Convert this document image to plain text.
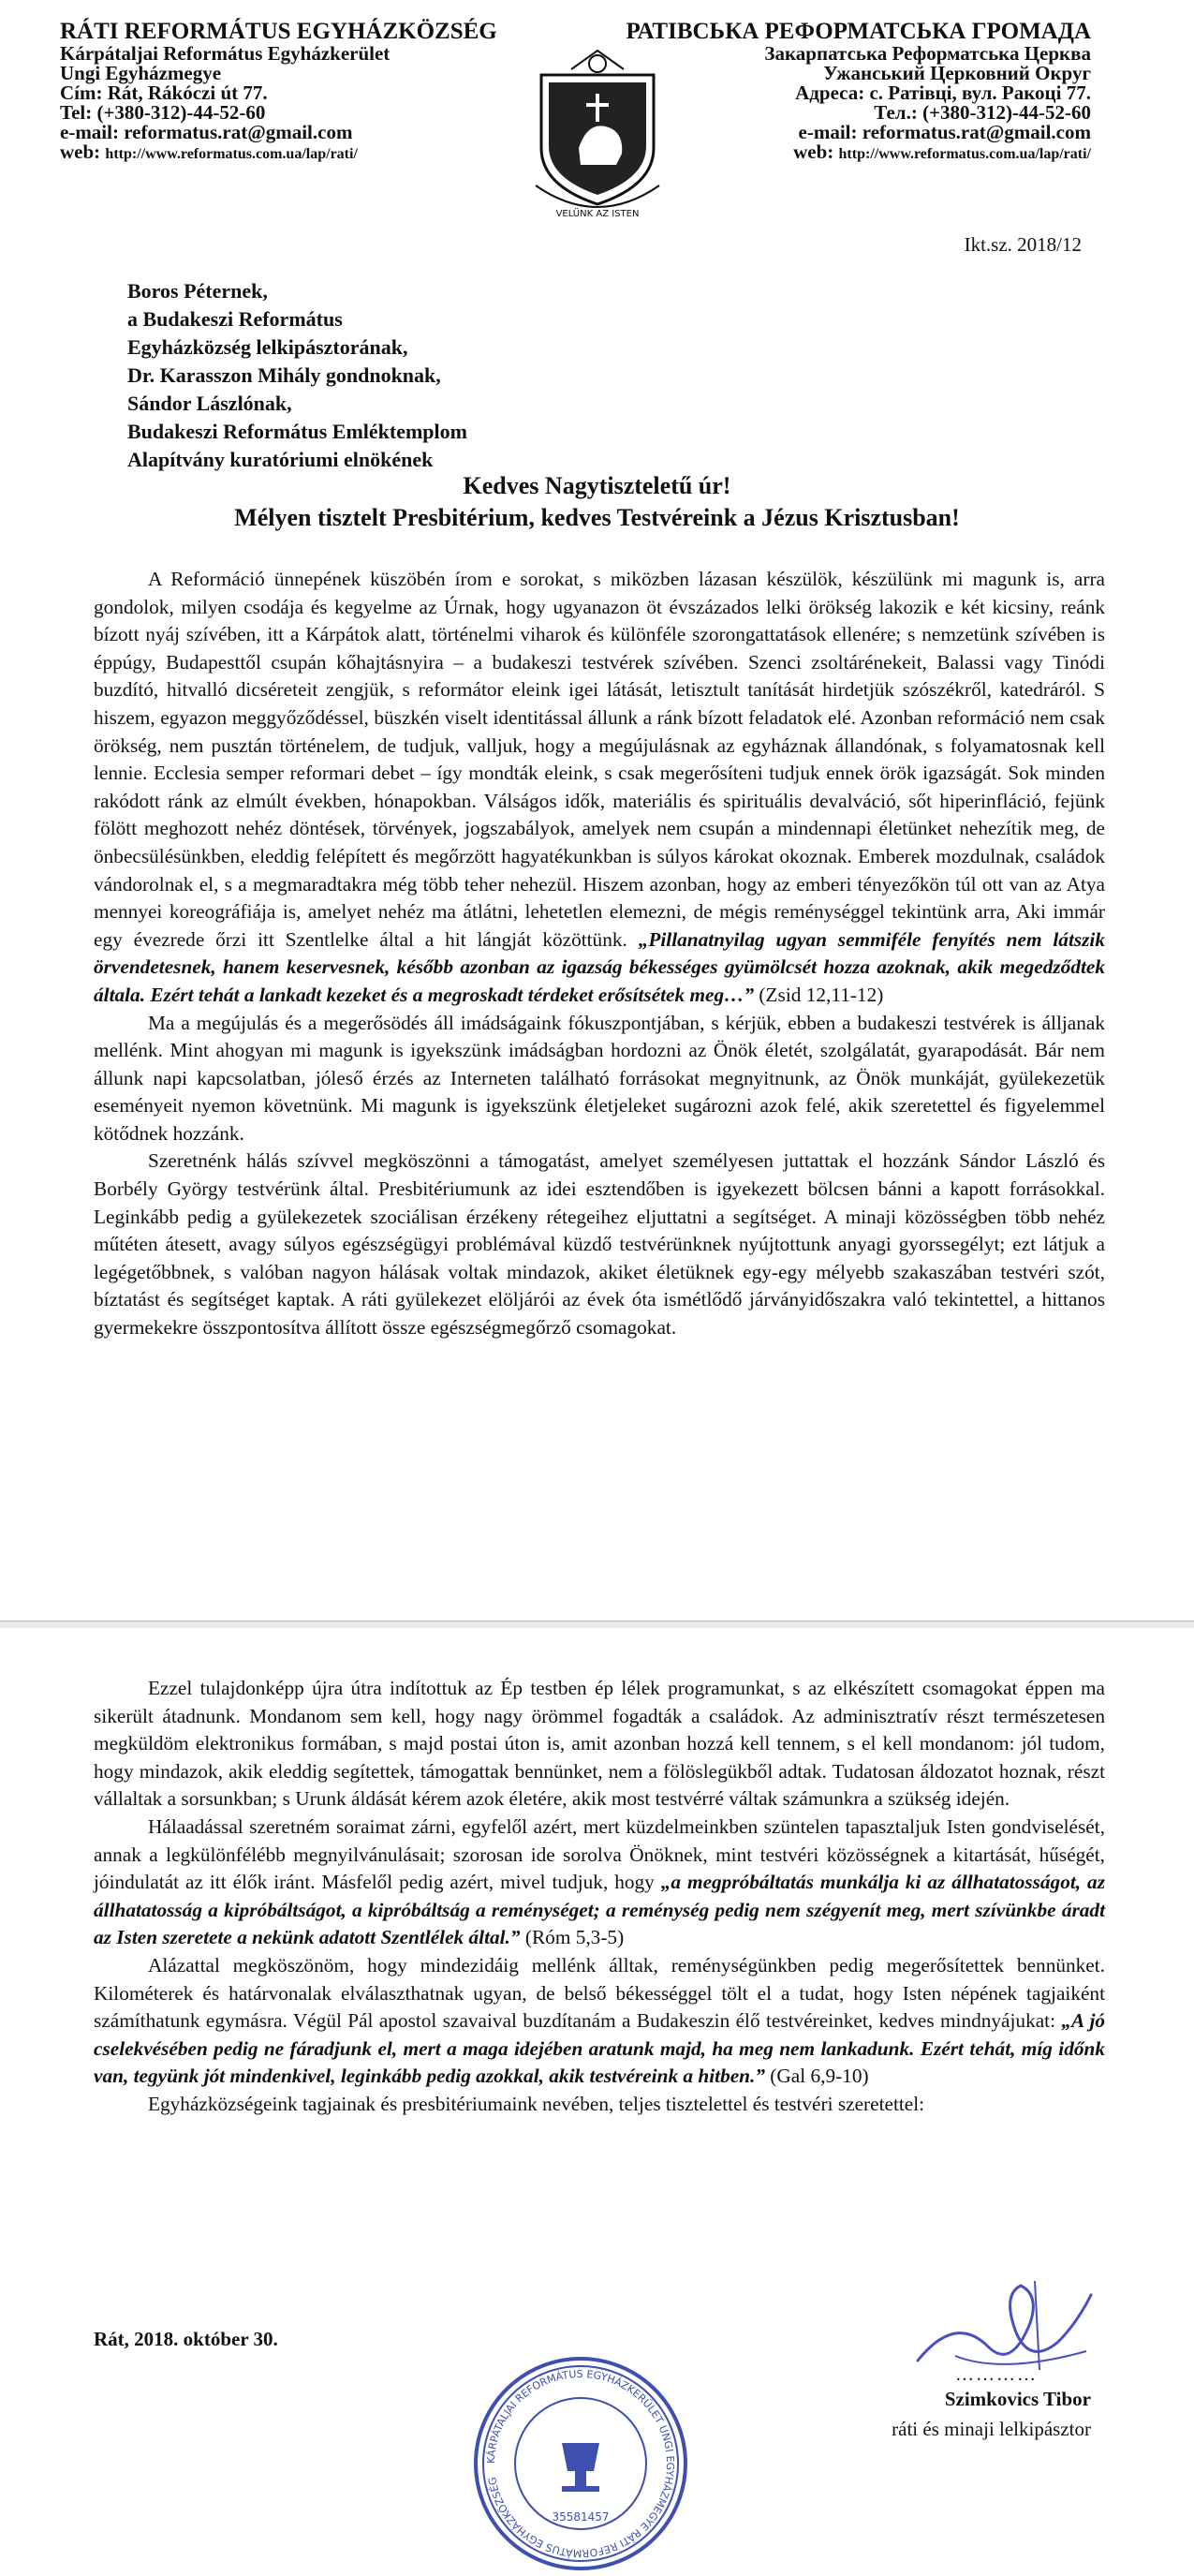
RÁTI REFORMÁTUS EGYHÁZKÖZSÉG
Kárpátaljai Református Egyházkerület
Ungi Egyházmegye
Cím: Rát, Rákóczi út 77.
Tel: (+380-312)-44-52-60
e-mail: reformatus.rat@gmail.com
web: http://www.reformatus.com.ua/lap/rati/
VELÜNK AZ ISTEN
РАТІВСЬКА РЕФОРМАТСЬКА ГРОМАДА
Закарпатська Реформатська Церква
Ужанський Церковний Округ
Адреса: с. Ратівці, вул. Ракоці 77.
Тел.: (+380-312)-44-52-60
e-mail: reformatus.rat@gmail.com
web: http://www.reformatus.com.ua/lap/rati/
Ikt.sz. 2018/12
Boros Péternek,
a Budakeszi Református
Egyházközség lelkipásztorának,
Dr. Karasszon Mihály gondnoknak,
Sándor Lászlónak,
Budakeszi Református Emléktemplom
Alapítvány kuratóriumi elnökének
Kedves Nagytiszteletű úr!
Mélyen tisztelt Presbitérium, kedves Testvéreink a Jézus Krisztusban!

A Reformáció ünnepének küszöbén írom e sorokat, s miközben lázasan készülök, készülünk mi magunk is, arra gondolok, milyen csodája és kegyelme az Úrnak, hogy ugyanazon öt évszázados lelki örökség lakozik e két kicsiny, reánk bízott nyáj szívében, itt a Kárpátok alatt, történelmi viharok és különféle szorongattatások ellenére; s nemzetünk szívében is éppúgy, Budapesttől csupán kőhajtásnyira – a budakeszi testvérek szívében. Szenci zsoltárénekeit, Balassi vagy Tinódi buzdító, hitvalló dicséreteit zengjük, s reformátor eleink igei látását, letisztult tanítását hirdetjük szószékről, katedráról. S hiszem, egyazon meggyőződéssel, büszkén viselt identitással állunk a ránk bízott feladatok elé. Azonban reformáció nem csak örökség, nem pusztán történelem, de tudjuk, valljuk, hogy a megújulásnak az egyháznak állandónak, s folyamatosnak kell lennie. Ecclesia semper reformari debet – így mondták eleink, s csak megerősíteni tudjuk ennek örök igazságát. Sok minden rakódott ránk az elmúlt években, hónapokban. Válságos idők, materiális és spirituális devalváció, sőt hiperinfláció, fejünk fölött meghozott nehéz döntések, törvények, jogszabályok, amelyek nem csupán a mindennapi életünket nehezítik meg, de önbecsülésünkben, eleddig felépített és megőrzött hagyatékunkban is súlyos károkat okoznak. Emberek mozdulnak, családok vándorolnak el, s a megmaradtakra még több teher nehezül. Hiszem azonban, hogy az emberi tényezőkön túl ott van az Atya mennyei koreográfiája is, amelyet nehéz ma átlátni, lehetetlen elemezni, de mégis reménységgel tekintünk arra, Aki immár egy évezrede őrzi itt Szentlelke által a hit lángját közöttünk. „Pillanatnyilag ugyan semmiféle fenyítés nem látszik örvendetesnek, hanem keservesnek, később azonban az igazság békességes gyümölcsét hozza azoknak, akik megedződtek általa. Ezért tehát a lankadt kezeket és a megroskadt térdeket erősítsétek meg…” (Zsid 12,11-12)

Ma a megújulás és a megerősödés áll imádságaink fókuszpontjában, s kérjük, ebben a budakeszi testvérek is álljanak mellénk. Mint ahogyan mi magunk is igyekszünk imádságban hordozni az Önök életét, szolgálatát, gyarapodását. Bár nem állunk napi kapcsolatban, jóleső érzés az Interneten található forrásokat megnyitnunk, az Önök munkáját, gyülekezetük eseményeit nyemon követnünk. Mi magunk is igyekszünk életjeleket sugározni azok felé, akik szeretettel és figyelemmel kötődnek hozzánk.

Szeretnénk hálás szívvel megköszönni a támogatást, amelyet személyesen juttattak el hozzánk Sándor László és Borbély György testvérünk által. Presbitériumunk az idei esztendőben is igyekezett bölcsen bánni a kapott forrásokkal. Leginkább pedig a gyülekezetek szociálisan érzékeny rétegeihez eljuttatni a segítséget. A minaji közösségben több nehéz műtéten átesett, avagy súlyos egészségügyi problémával küzdő testvérünknek nyújtottunk anyagi gyorssegélyt; ezt látjuk a legégetőbbnek, s valóban nagyon hálásak voltak mindazok, akiket életüknek egy-egy mélyebb szakaszában testvéri szót, bíztatást és segítséget kaptak. A ráti gyülekezet elöljárói az évek óta ismétlődő járványidőszakra való tekintettel, a hittanos gyermekekre összpontosítva állított össze egészségmegőrző csomagokat.

Ezzel tulajdonképp újra útra indítottuk az Ép testben ép lélek programunkat, s az elkészített csomagokat éppen ma sikerült átadnunk. Mondanom sem kell, hogy nagy örömmel fogadták a családok. Az adminisztratív részt természetesen megküldöm elektronikus formában, s majd postai úton is, amit azonban hozzá kell tennem, s el kell mondanom: jól tudom, hogy mindazok, akik eleddig segítettek, támogattak bennünket, nem a fölöslegükből adtak. Tudatosan áldozatot hoznak, részt vállaltak a sorsunkban; s Urunk áldását kérem azok életére, akik most testvérré váltak számunkra a szükség idején.

Hálaadással szeretném soraimat zárni, egyfelől azért, mert küzdelmeinkben szüntelen tapasztaljuk Isten gondviselését, annak a legkülönfélébb megnyilvánulásait; szorosan ide sorolva Önöknek, mint testvéri közösségnek a kitartását, hűségét, jóindulatát az itt élők iránt. Másfelől pedig azért, mivel tudjuk, hogy „a megpróbáltatás munkálja ki az állhatatosságot, az állhatatosság a kipróbáltságot, a kipróbáltság a reménységet; a reménység pedig nem szégyenít meg, mert szívünkbe áradt az Isten szeretete a nekünk adatott Szentlélek által.” (Róm 5,3-5)

Alázattal megköszönöm, hogy mindezidáig mellénk álltak, reménységünkben pedig megerősítettek bennünket. Kilométerek és határvonalak elválaszthatnak ugyan, de belső békességgel tölt el a tudat, hogy Isten népének tagjaiként számíthatunk egymásra. Végül Pál apostol szavaival buzdítanám a Budakeszin élő testvéreinket, kedves mindnyájukat: „A jó cselekvésében pedig ne fáradjunk el, mert a maga idejében aratunk majd, ha meg nem lankadunk. Ezért tehát, míg időnk van, tegyünk jót mindenkivel, leginkább pedig azokkal, akik testvéreink a hitben.” (Gal 6,9-10)

Egyházközségeink tagjainak és presbitériumaink nevében, teljes tisztelettel és testvéri szeretettel:

Rát, 2018. október 30.
…………
Szimkovics Tibor
ráti és minaji lelkipásztor
KÁRPÁTALJAI REFORMÁTUS EGYHÁZKERÜLET UNGI EGYHÁZMEGYE RÁTI REFORMÁTUS EGYHÁZKÖZSÉG
35581457
